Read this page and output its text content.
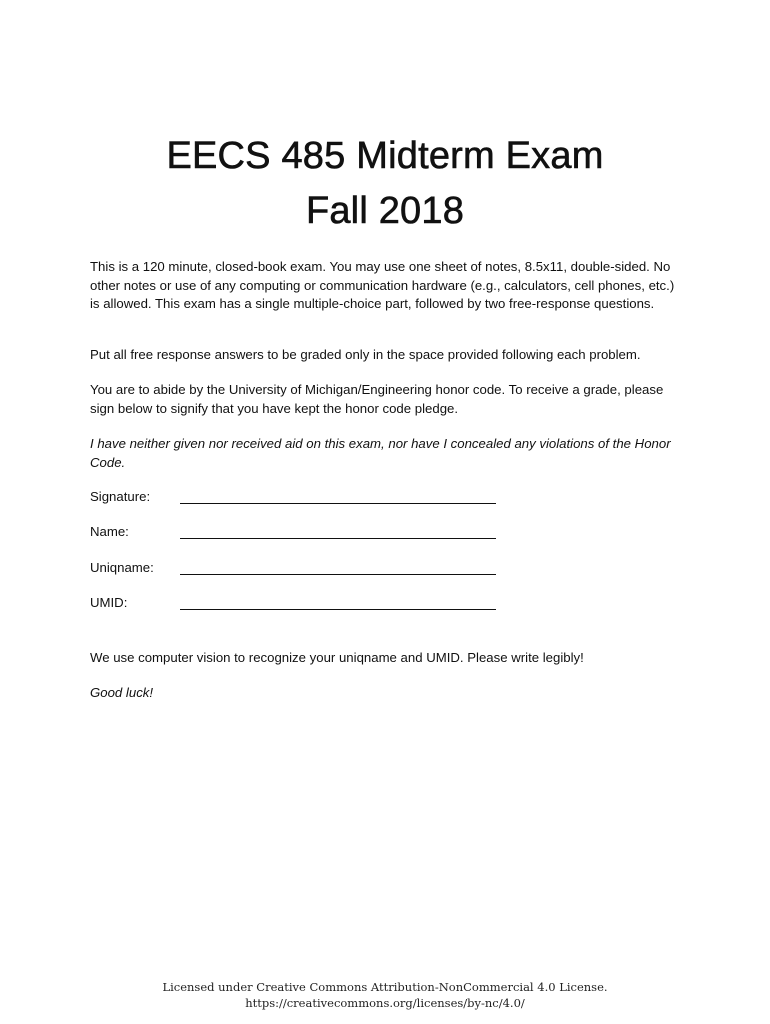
EECS 485 Midterm Exam
Fall 2018

This is a 120 minute, closed-book exam. You may use one sheet of notes, 8.5x11, double-sided. No other notes or use of any computing or communication hardware (e.g., calculators, cell phones, etc.) is allowed. This exam has a single multiple-choice part, followed by two free-response questions.

Put all free response answers to be graded only in the space provided following each problem.

You are to abide by the University of Michigan/Engineering honor code. To receive a grade, please sign below to signify that you have kept the honor code pledge.

I have neither given nor received aid on this exam, nor have I concealed any violations of the Honor Code.

Signature:
Name:
Uniqname:
UMID:

We use computer vision to recognize your uniqname and UMID. Please write legibly!

Good luck!

Licensed under Creative Commons Attribution-NonCommercial 4.0 License.
https://creativecommons.org/licenses/by-nc/4.0/
